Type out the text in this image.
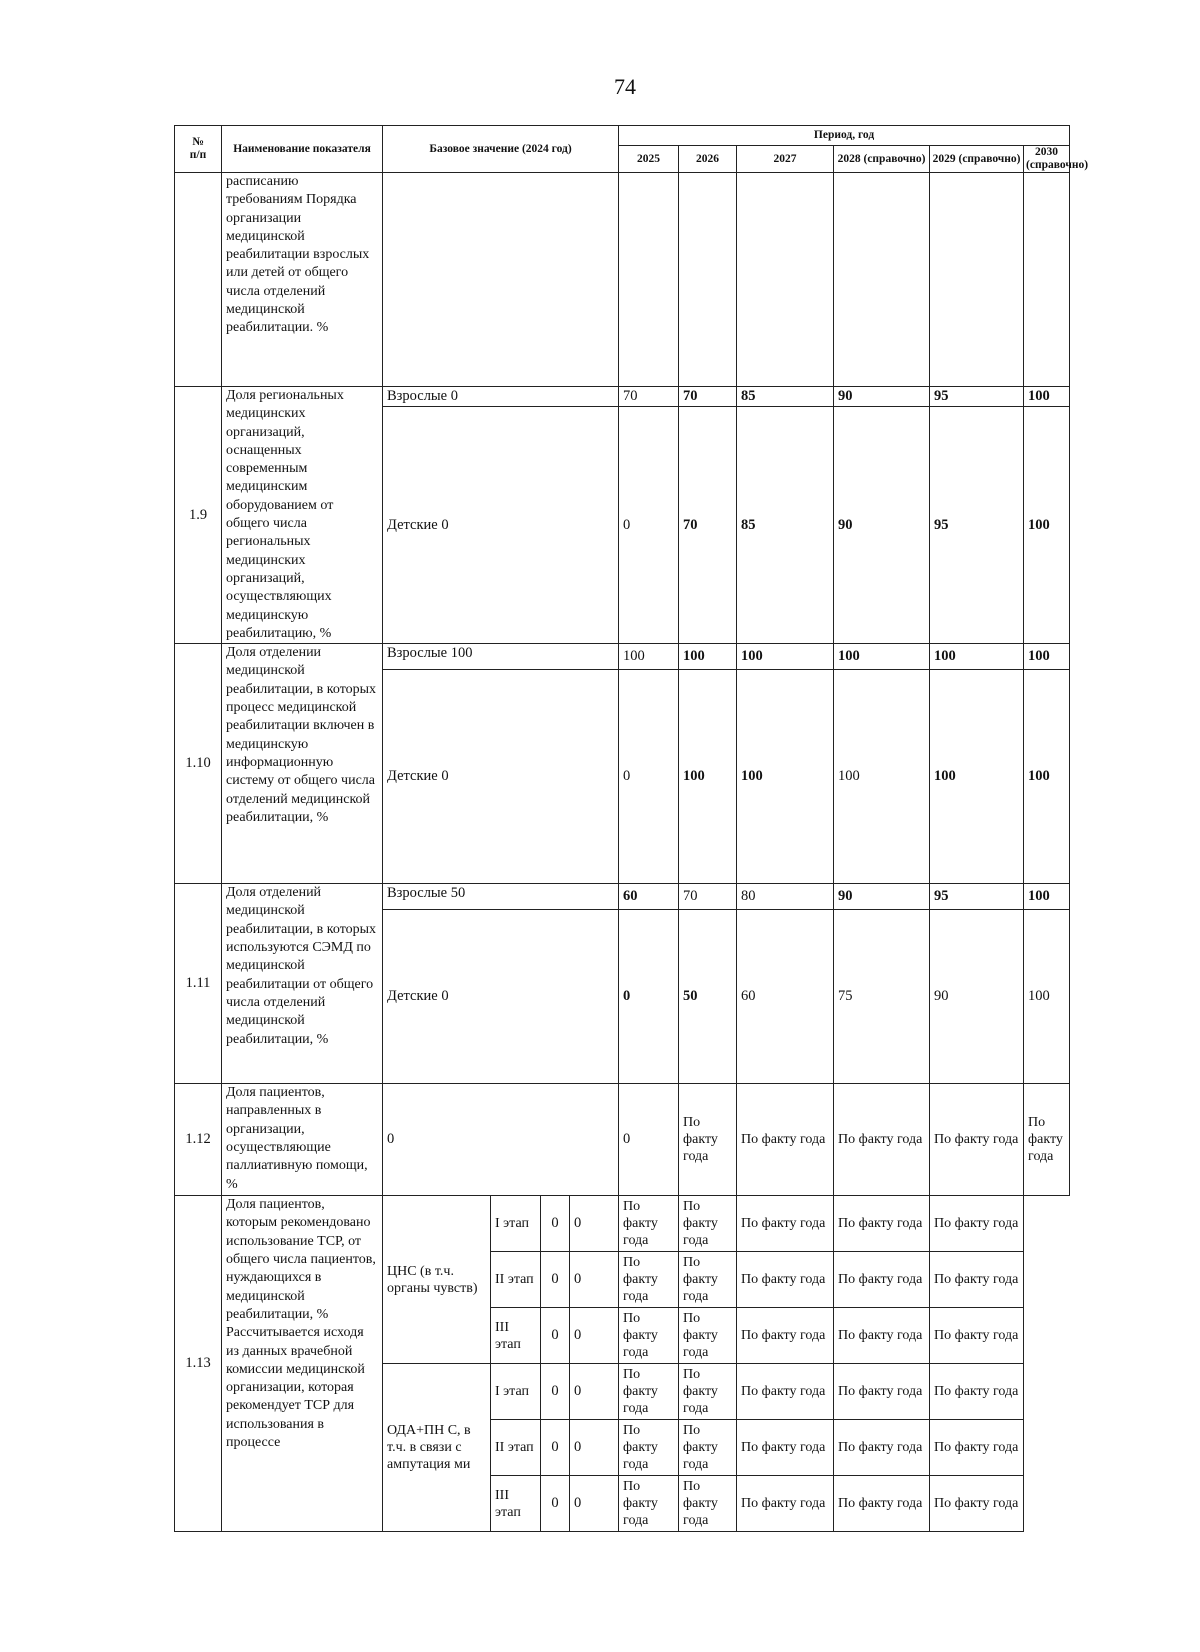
74
№
п/п	Наименование показателя	Базовое значение (2024 год)				Период, год					
						2025	2026	2027	2028 (справочно)	2029 (справочно)	2030 (справочно)
	расписанию требованиям Порядка организации медицинской реабилитации взрослых или детей от общего числа отделений медицинской реабилитации. %										
1.9	Доля региональных медицинских организаций, оснащенных современным медицинским оборудованием от общего числа региональных медицинских организаций, осуществляющих медицинскую реабилитацию, %	Взрослые 0				70	70	85	90	95	100
		Детские 0				0	70	85	90	95	100
1.10	Доля отделении медицинской реабилитации, в которых процесс медицинской реабилитации включен в медицинскую информационную систему от общего числа отделений медицинской реабилитации, %	Взрослые 100				100	100	100	100	100	100
		Детские 0				0	100	100	100	100	100
1.11	Доля отделений медицинской реабилитации, в которых используются СЭМД по медицинской реабилитации от общего числа отделений медицинской реабилитации, %	Взрослые 50				60	70	80	90	95	100
		Детские 0				0	50	60	75	90	100
1.12	Доля пациентов, направленных в организации, осуществляющие паллиативную помощи, %	0				0	По факту года	По факту года	По факту года	По факту года	По факту года
1.13	Доля пациентов, которым рекомендовано использование ТСР, от общего числа пациентов, нуждающихся в медицинской реабилитации, % Рассчитывается исходя из данных врачебной комиссии медицинской организации, которая рекомендует ТСР для использования в процессе	ЦНС (в т.ч. органы чувств)	I этап	0	0	По факту года	По факту года	По факту года	По факту года	По факту года	
			II этап	0	0	По факту года	По факту года	По факту года	По факту года	По факту года	
			III этап	0	0	По факту года	По факту года	По факту года	По факту года	По факту года	
		ОДА+ПН С, в т.ч. в связи с ампутация ми	I этап	0	0	По факту года	По факту года	По факту года	По факту года	По факту года	
			II этап	0	0	По факту года	По факту года	По факту года	По факту года	По факту года	
			III этап	0	0	По факту года	По факту года	По факту года	По факту года	По факту года	
